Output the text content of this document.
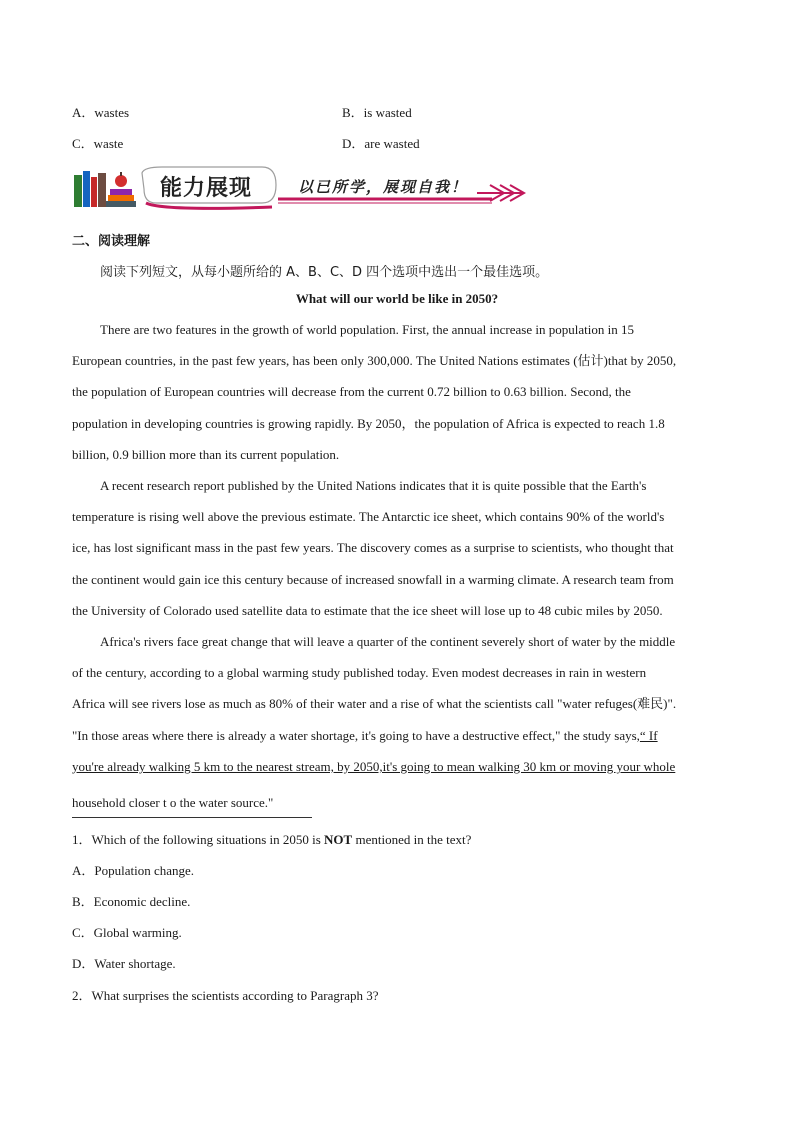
A．wastes	B．is wasted
C．waste	D．are wasted
能力展现	以已所学，展现自我！
二、阅读理解
阅读下列短文，从每小题所给的 A、B、C、D 四个选项中选出一个最佳选项。
What will our world be like in 2050?
There are two features in the growth of world population. First, the annual increase in population in 15
European countries, in the past few years, has been only 300,000. The United Nations estimates (估计)that by 2050,
the population of European countries will decrease from the current 0.72 billion to 0.63 billion. Second, the
population in developing countries is growing rapidly. By 2050，the population of Africa is expected to reach 1.8
billion, 0.9 billion more than its current population.
A recent research report published by the United Nations indicates that it is quite possible that the Earth's
temperature is rising well above the previous estimate. The Antarctic ice sheet, which contains 90% of the world's
ice, has lost significant mass in the past few years. The discovery comes as a surprise to scientists, who thought that
the continent would gain ice this century because of increased snowfall in a warming climate. A research team from
the University of Colorado used satellite data to estimate that the ice sheet will lose up to 48 cubic miles by 2050.
Africa's rivers face great change that will leave a quarter of the continent severely short of water by the middle
of the century, according to a global warming study published today. Even modest decreases in rain in western
Africa will see rivers lose as much as 80% of their water and a rise of what the scientists call "water refuges(难民)".
"In those areas where there is already a water shortage, it's going to have a destructive effect," the study says,“ If
you're already walking 5 km to the nearest stream, by 2050,it's going to mean walking 30 km or moving your whole
household closer t o the water source."
1．Which of the following situations in 2050 is NOT mentioned in the text?
A．Population change.
B．Economic decline.
C．Global warming.
D．Water shortage.
2．What surprises the scientists according to Paragraph 3?
